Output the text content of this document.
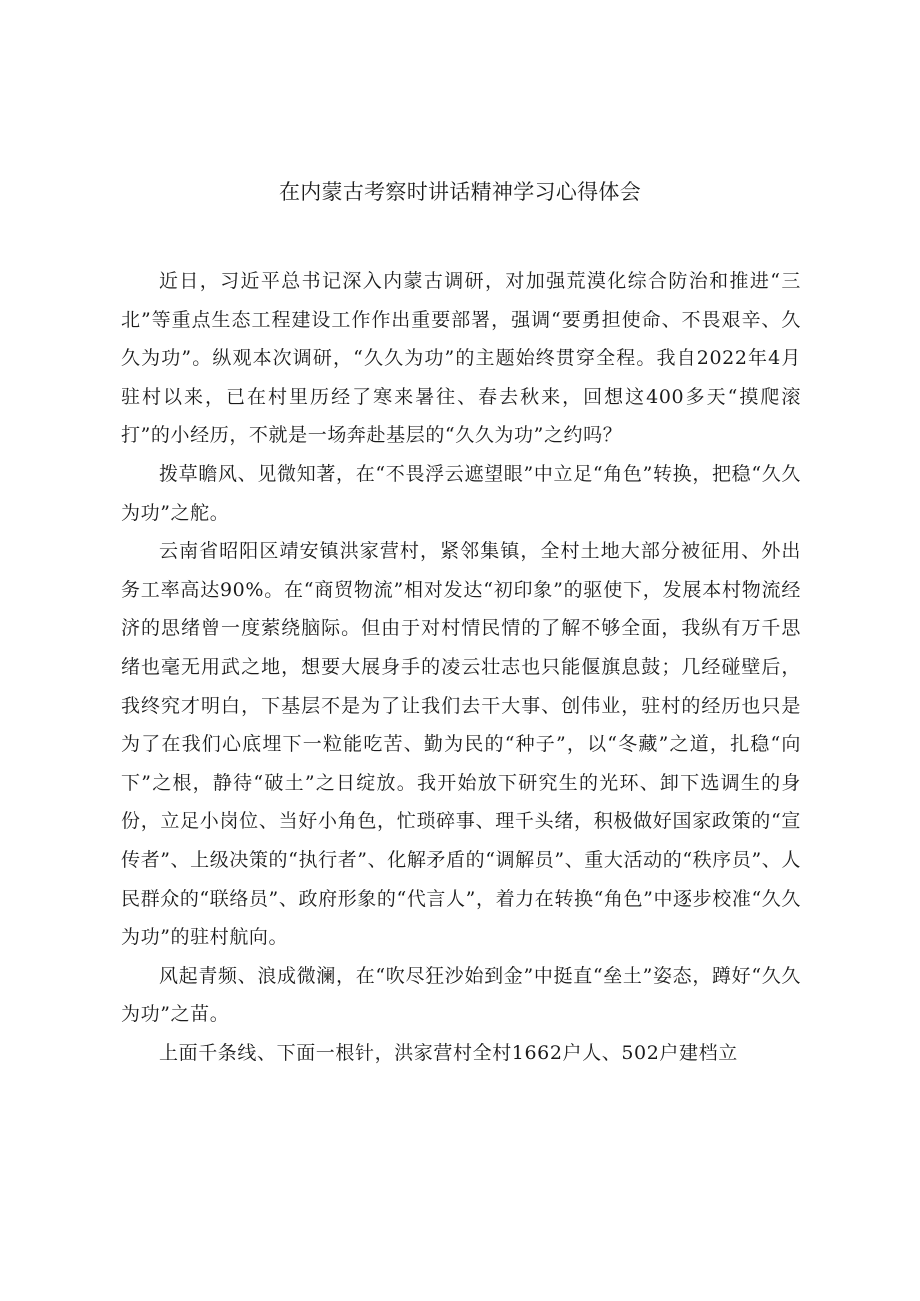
在内蒙古考察时讲话精神学习心得体会

近日，习近平总书记深入内蒙古调研，对加强荒漠化综合防治和推进“三北”等重点生态工程建设工作作出重要部署，强调“要勇担使命、不畏艰辛、久久为功”。纵观本次调研，“久久为功”的主题始终贯穿全程。我自2022年4月驻村以来，已在村里历经了寒来暑往、春去秋来，回想这400多天“摸爬滚打”的小经历，不就是一场奔赴基层的“久久为功”之约吗？

拨草瞻风、见微知著，在“不畏浮云遮望眼”中立足“角色”转换，把稳“久久为功”之舵。

云南省昭阳区靖安镇洪家营村，紧邻集镇，全村土地大部分被征用、外出务工率高达90%。在“商贸物流”相对发达“初印象”的驱使下，发展本村物流经济的思绪曾一度萦绕脑际。但由于对村情民情的了解不够全面，我纵有万千思绪也毫无用武之地，想要大展身手的凌云壮志也只能偃旗息鼓；几经碰壁后，我终究才明白，下基层不是为了让我们去干大事、创伟业，驻村的经历也只是为了在我们心底埋下一粒能吃苦、勤为民的“种子”，以“冬藏”之道，扎稳“向下”之根，静待“破土”之日绽放。我开始放下研究生的光环、卸下选调生的身份，立足小岗位、当好小角色，忙琐碎事、理千头绪，积极做好国家政策的“宣传者”、上级决策的“执行者”、化解矛盾的“调解员”、重大活动的“秩序员”、人民群众的“联络员”、政府形象的“代言人”，着力在转换“角色”中逐步校准“久久为功”的驻村航向。

风起青频、浪成微澜，在“吹尽狂沙始到金”中挺直“垒土”姿态，蹲好“久久为功”之苗。

上面千条线、下面一根针，洪家营村全村1662户人、502户建档立
